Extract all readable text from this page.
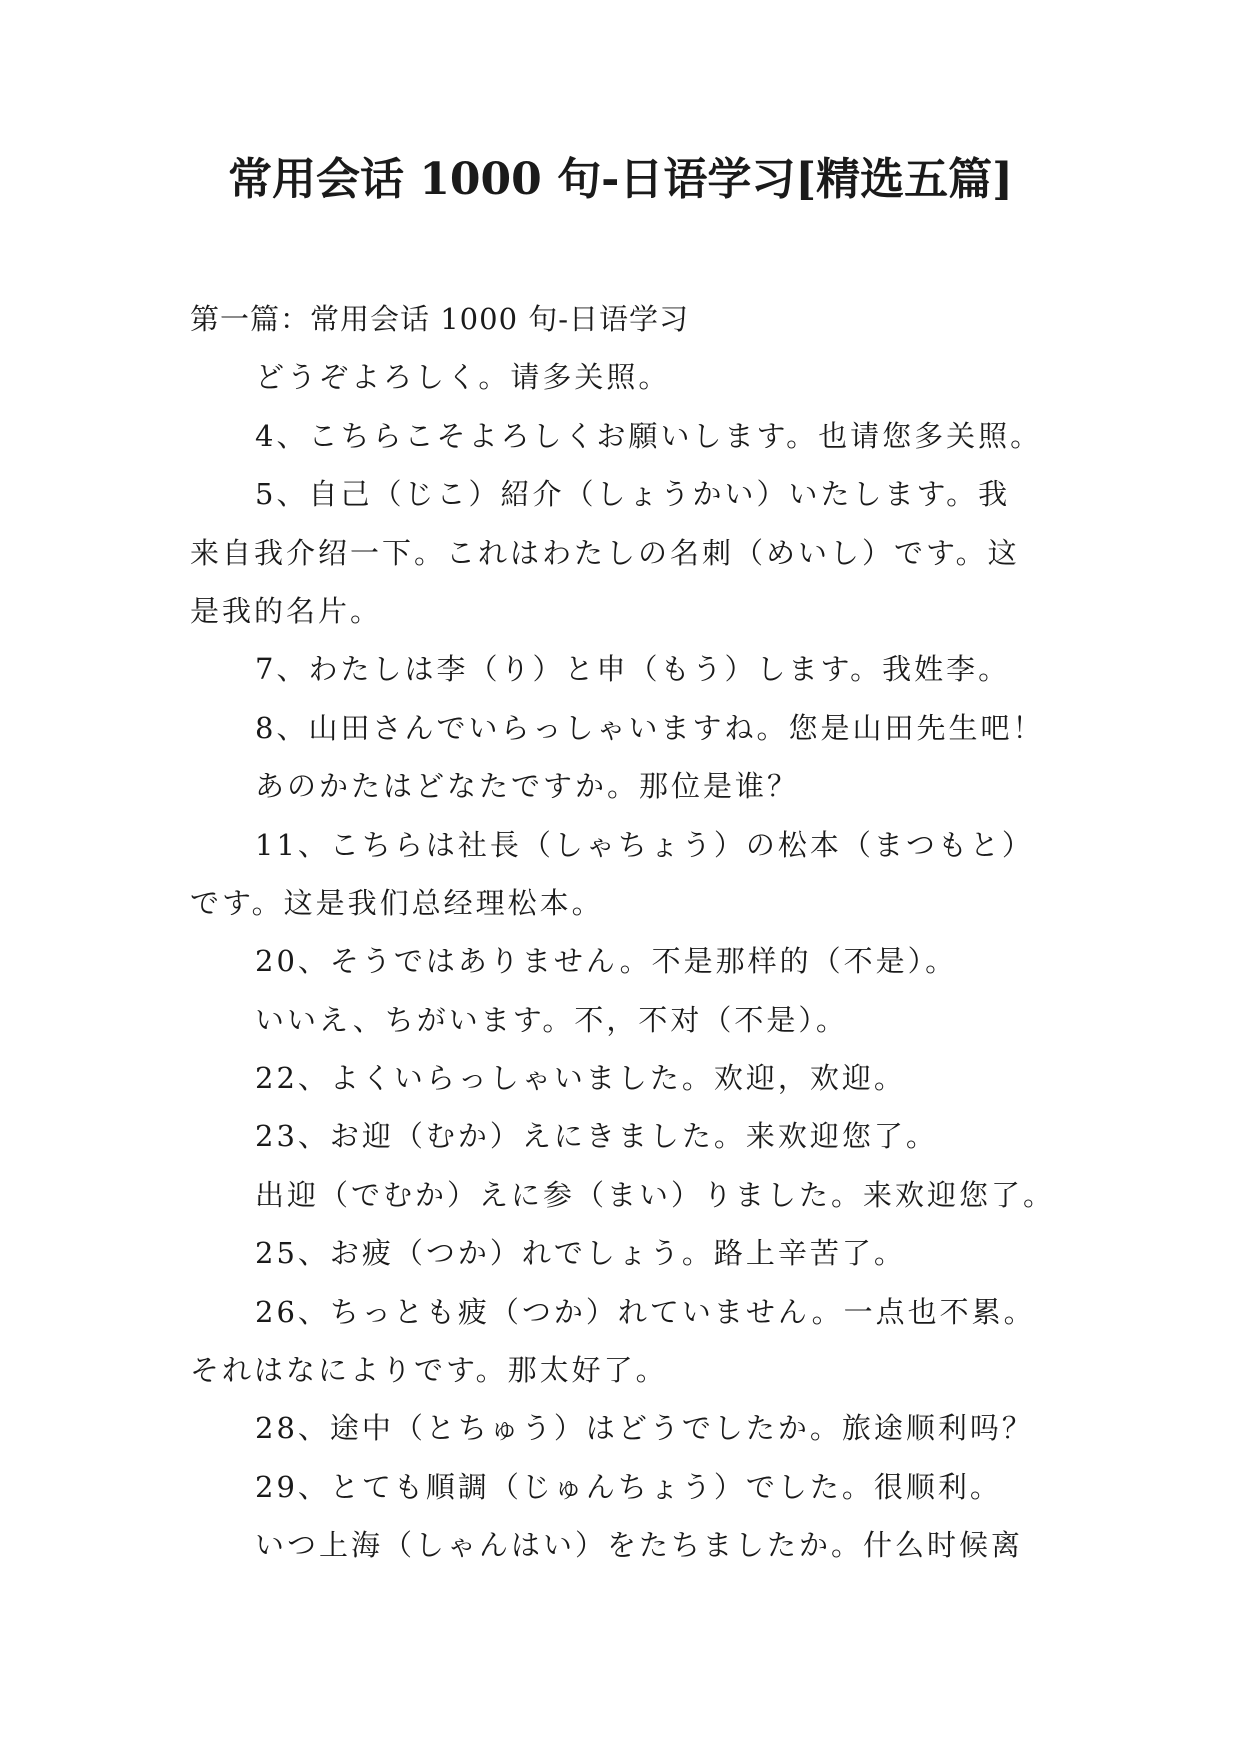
常用会话 1000 句-日语学习[精选五篇]
第一篇：常用会话 1000 句-日语学习
どうぞよろしく。请多关照。
4、こちらこそよろしくお願いします。也请您多关照。
5、自己（じこ）紹介（しょうかい）いたします。我
来自我介绍一下。これはわたしの名刺（めいし）です。这
是我的名片。
7、わたしは李（り）と申（もう）します。我姓李。
8、山田さんでいらっしゃいますね。您是山田先生吧！
あのかたはどなたですか。那位是谁？
11、こちらは社長（しゃちょう）の松本（まつもと）
です。这是我们总经理松本。
20、そうではありません。不是那样的（不是）。
いいえ、ちがいます。不，不对（不是）。
22、よくいらっしゃいました。欢迎，欢迎。
23、お迎（むか）えにきました。来欢迎您了。
出迎（でむか）えに参（まい）りました。来欢迎您了。
25、お疲（つか）れでしょう。路上辛苦了。
26、ちっとも疲（つか）れていません。一点也不累。
それはなによりです。那太好了。
28、途中（とちゅう）はどうでしたか。旅途顺利吗？
29、とても順調（じゅんちょう）でした。很顺利。
いつ上海（しゃんはい）をたちましたか。什么时候离
